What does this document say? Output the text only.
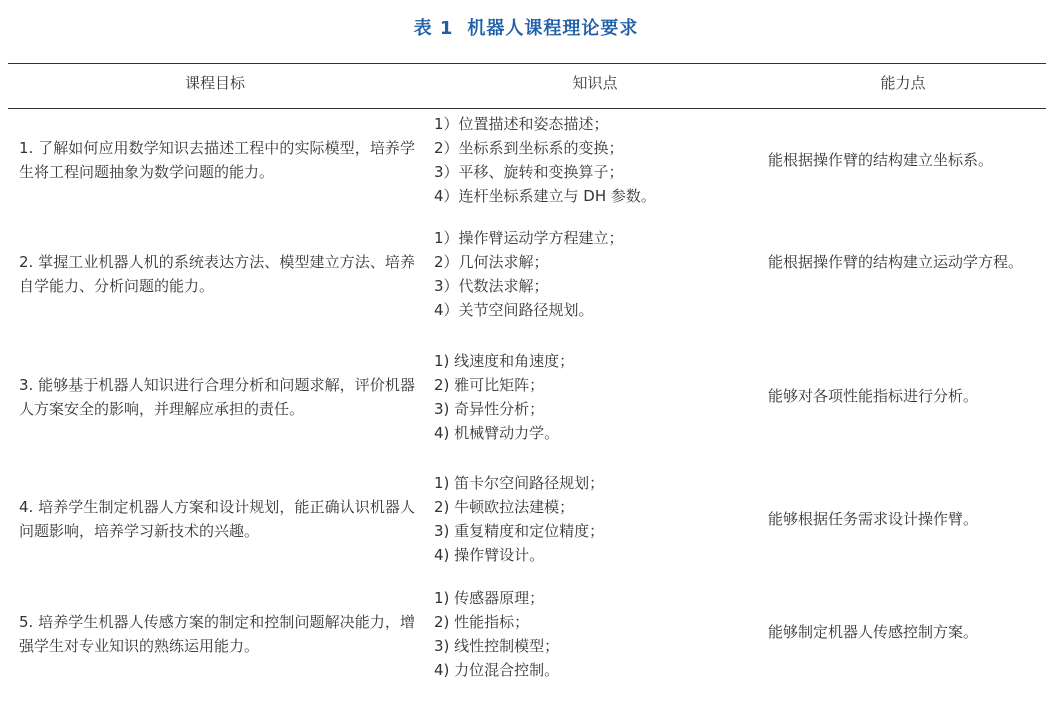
表 1 机器人课程理论要求
课程目标	知识点	能力点
1. 了解如何应用数学知识去描述工程中的实际模型，培养学生将工程问题抽象为数学问题的能力。
1）位置描述和姿态描述；
2）坐标系到坐标系的变换；
3）平移、旋转和变换算子；
4）连杆坐标系建立与 DH 参数。
能根据操作臂的结构建立坐标系。
2. 掌握工业机器人机的系统表达方法、模型建立方法、培养自学能力、分析问题的能力。
1）操作臂运动学方程建立；
2）几何法求解；
3）代数法求解；
4）关节空间路径规划。
能根据操作臂的结构建立运动学方程。
3. 能够基于机器人知识进行合理分析和问题求解，评价机器人方案安全的影响，并理解应承担的责任。
1) 线速度和角速度；
2) 雅可比矩阵；
3) 奇异性分析；
4) 机械臂动力学。
能够对各项性能指标进行分析。
4. 培养学生制定机器人方案和设计规划，能正确认识机器人问题影响，培养学习新技术的兴趣。
1) 笛卡尔空间路径规划；
2) 牛顿欧拉法建模；
3) 重复精度和定位精度；
4) 操作臂设计。
能够根据任务需求设计操作臂。
5. 培养学生机器人传感方案的制定和控制问题解决能力，增强学生对专业知识的熟练运用能力。
1) 传感器原理；
2) 性能指标；
3) 线性控制模型；
4) 力位混合控制。
能够制定机器人传感控制方案。
